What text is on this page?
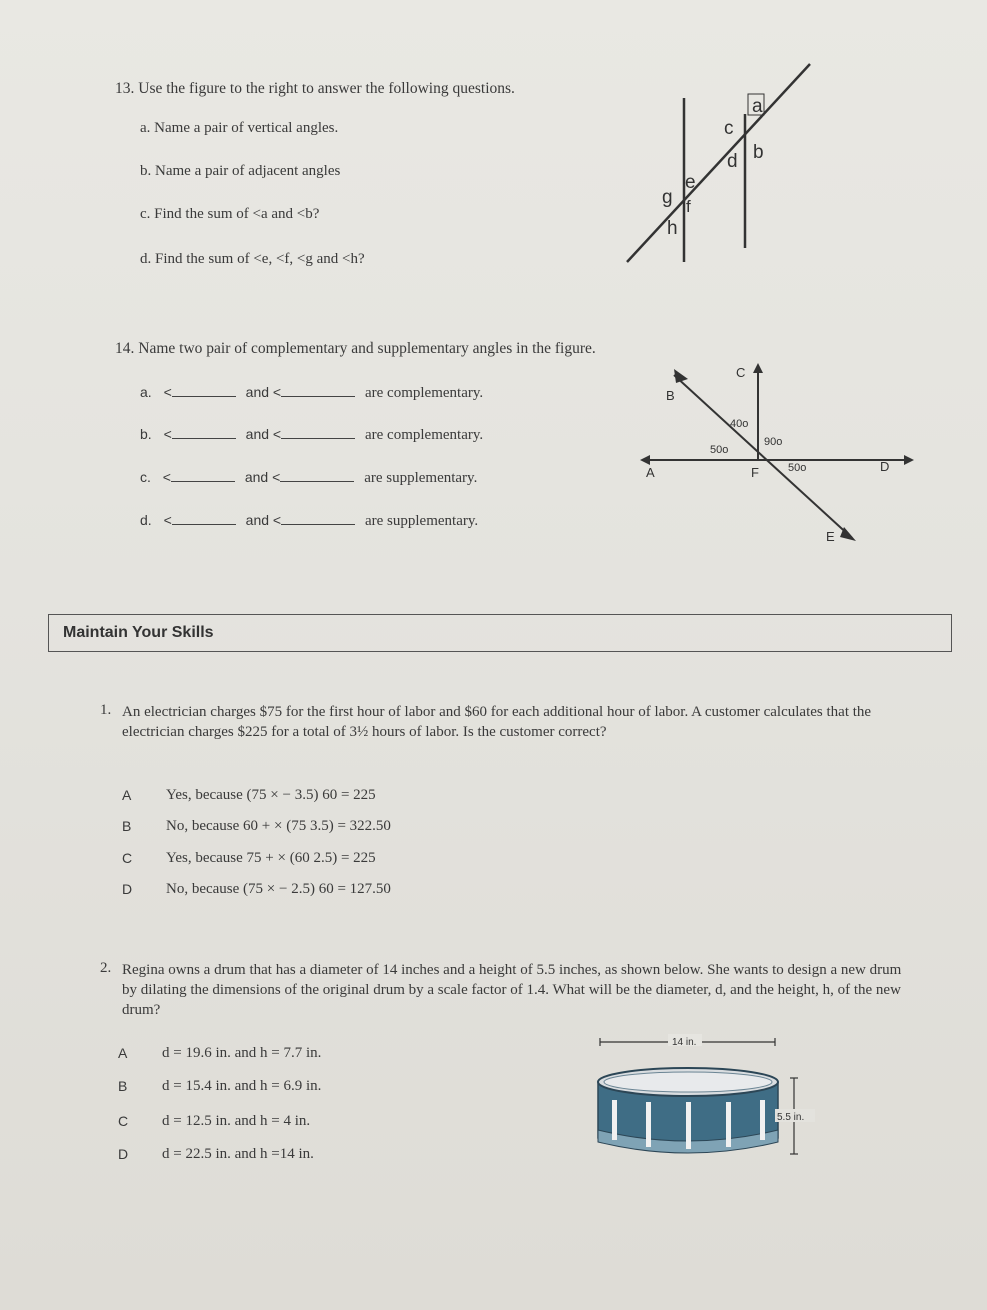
13. Use the figure to the right to answer the following questions.
a. Name a pair of vertical angles.
b. Name a pair of adjacent angles
c. Find the sum of <a and <b?
d. Find the sum of <e, <f, <g and <h?
a
c
b
d
e
g f
h
14. Name two pair of complementary and supplementary angles in the figure.
a. <	and <	are complementary.
b. <	and <	are complementary.
c. <	and <	are supplementary.
d. <	and <	are supplementary.
C
B
A	F	D
E
40o
50o
90o
50o
Maintain Your Skills
1. An electrician charges $75 for the first hour of labor and $60 for each additional hour of labor. A customer calculates that the electrician charges $225 for a total of 3½ hours of labor. Is the customer correct?
A Yes, because (75 × − 3.5) 60 = 225
B No, because 60 + × (75 3.5) = 322.50
C Yes, because 75 + × (60 2.5) = 225
D No, because (75 × − 2.5) 60 = 127.50
2. Regina owns a drum that has a diameter of 14 inches and a height of 5.5 inches, as shown below. She wants to design a new drum by dilating the dimensions of the original drum by a scale factor of 1.4. What will be the diameter, d, and the height, h, of the new drum?
A d = 19.6 in. and h = 7.7 in.
B d = 15.4 in. and h = 6.9 in.
C d = 12.5 in. and h = 4 in.
D d = 22.5 in. and h =14 in.
14 in.
5.5 in.
